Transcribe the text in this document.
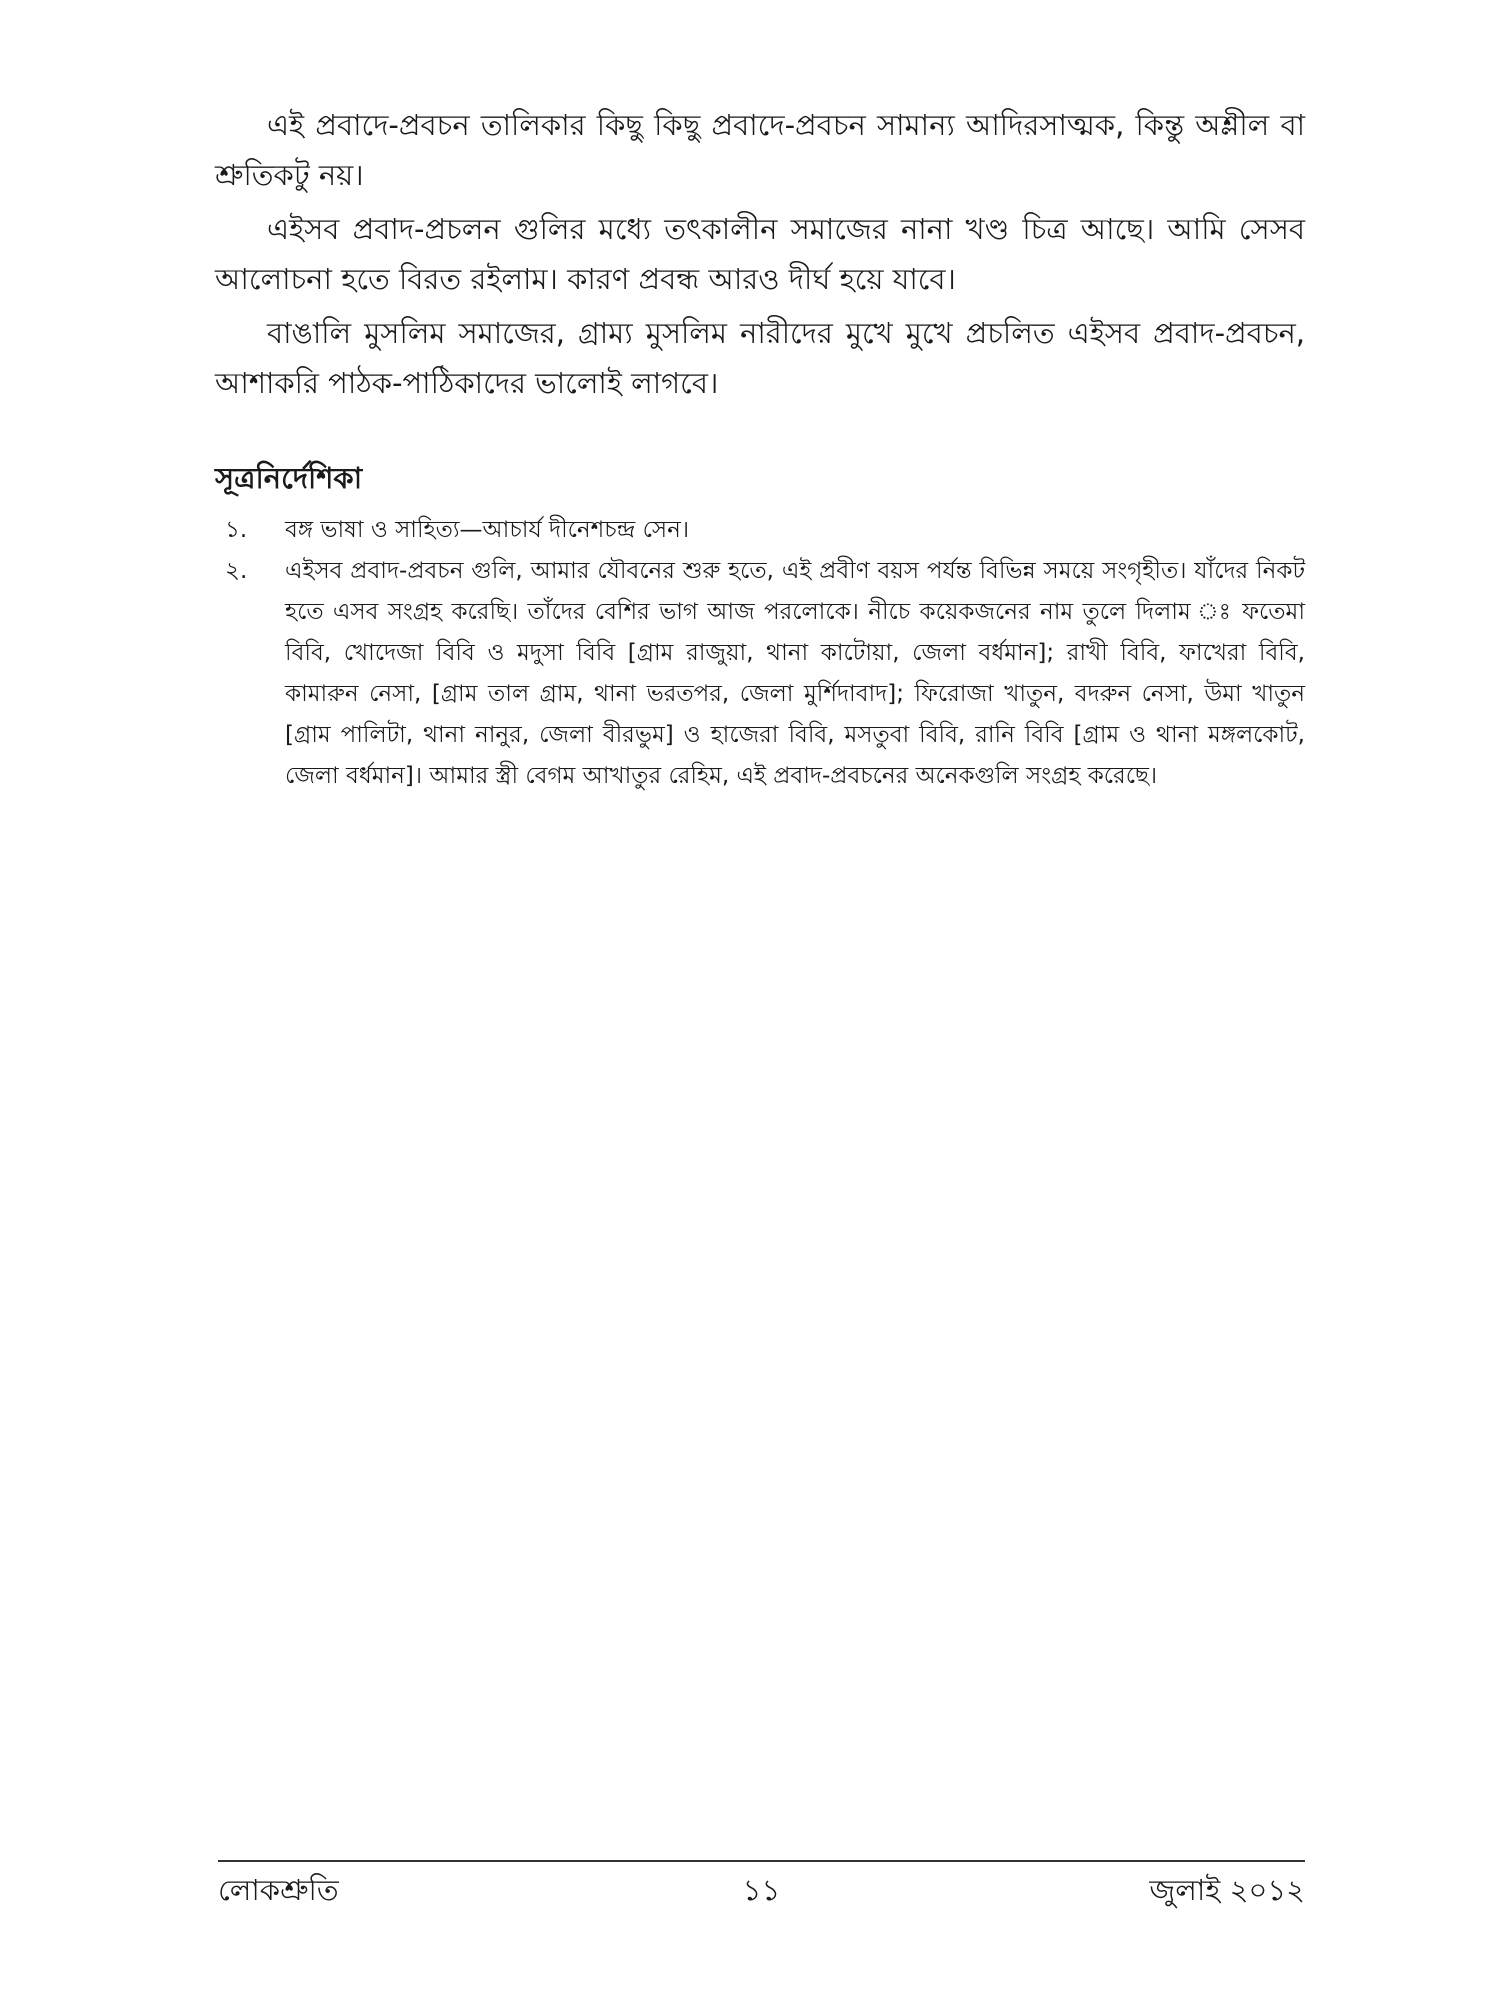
এই প্রবাদে-প্রবচন তালিকার কিছু কিছু প্রবাদে-প্রবচন সামান্য আদিরসাত্মক, কিন্তু অশ্লীল বা শ্রুতিকটু নয়।

এইসব প্রবাদ-প্রচলন গুলির মধ্যে তৎকালীন সমাজের নানা খণ্ড চিত্র আছে। আমি সেসব আলোচনা হতে বিরত রইলাম। কারণ প্রবন্ধ আরও দীর্ঘ হয়ে যাবে।

বাঙালি মুসলিম সমাজের, গ্রাম্য মুসলিম নারীদের মুখে মুখে প্রচলিত এইসব প্রবাদ-প্রবচন, আশাকরি পাঠক-পাঠিকাদের ভালোই লাগবে।

সূত্রনির্দেশিকা
১.	বঙ্গ ভাষা ও সাহিত্য—আচার্য দীনেশচন্দ্র সেন।
২.	এইসব প্রবাদ-প্রবচন গুলি, আমার যৌবনের শুরু হতে, এই প্রবীণ বয়স পর্যন্ত বিভিন্ন সময়ে সংগৃহীত। যাঁদের নিকট হতে এসব সংগ্রহ করেছি। তাঁদের বেশির ভাগ আজ পরলোকে। নীচে কয়েকজনের নাম তুলে দিলাম ঃ ফতেমা বিবি, খোদেজা বিবি ও মদুসা বিবি [গ্রাম রাজুয়া, থানা কাটোয়া, জেলা বর্ধমান]; রাখী বিবি, ফাখেরা বিবি, কামারুন নেসা, [গ্রাম তাল গ্রাম, থানা ভরতপর, জেলা মুর্শিদাবাদ]; ফিরোজা খাতুন, বদরুন নেসা, উমা খাতুন [গ্রাম পালিটা, থানা নানুর, জেলা বীরভুম] ও হাজেরা বিবি, মসতুবা বিবি, রানি বিবি [গ্রাম ও থানা মঙ্গলকোট, জেলা বর্ধমান]। আমার স্ত্রী বেগম আখাতুর রেহিম, এই প্রবাদ-প্রবচনের অনেকগুলি সংগ্রহ করেছে।
লোকশ্রুতি	১১	জুলাই ২০১২
